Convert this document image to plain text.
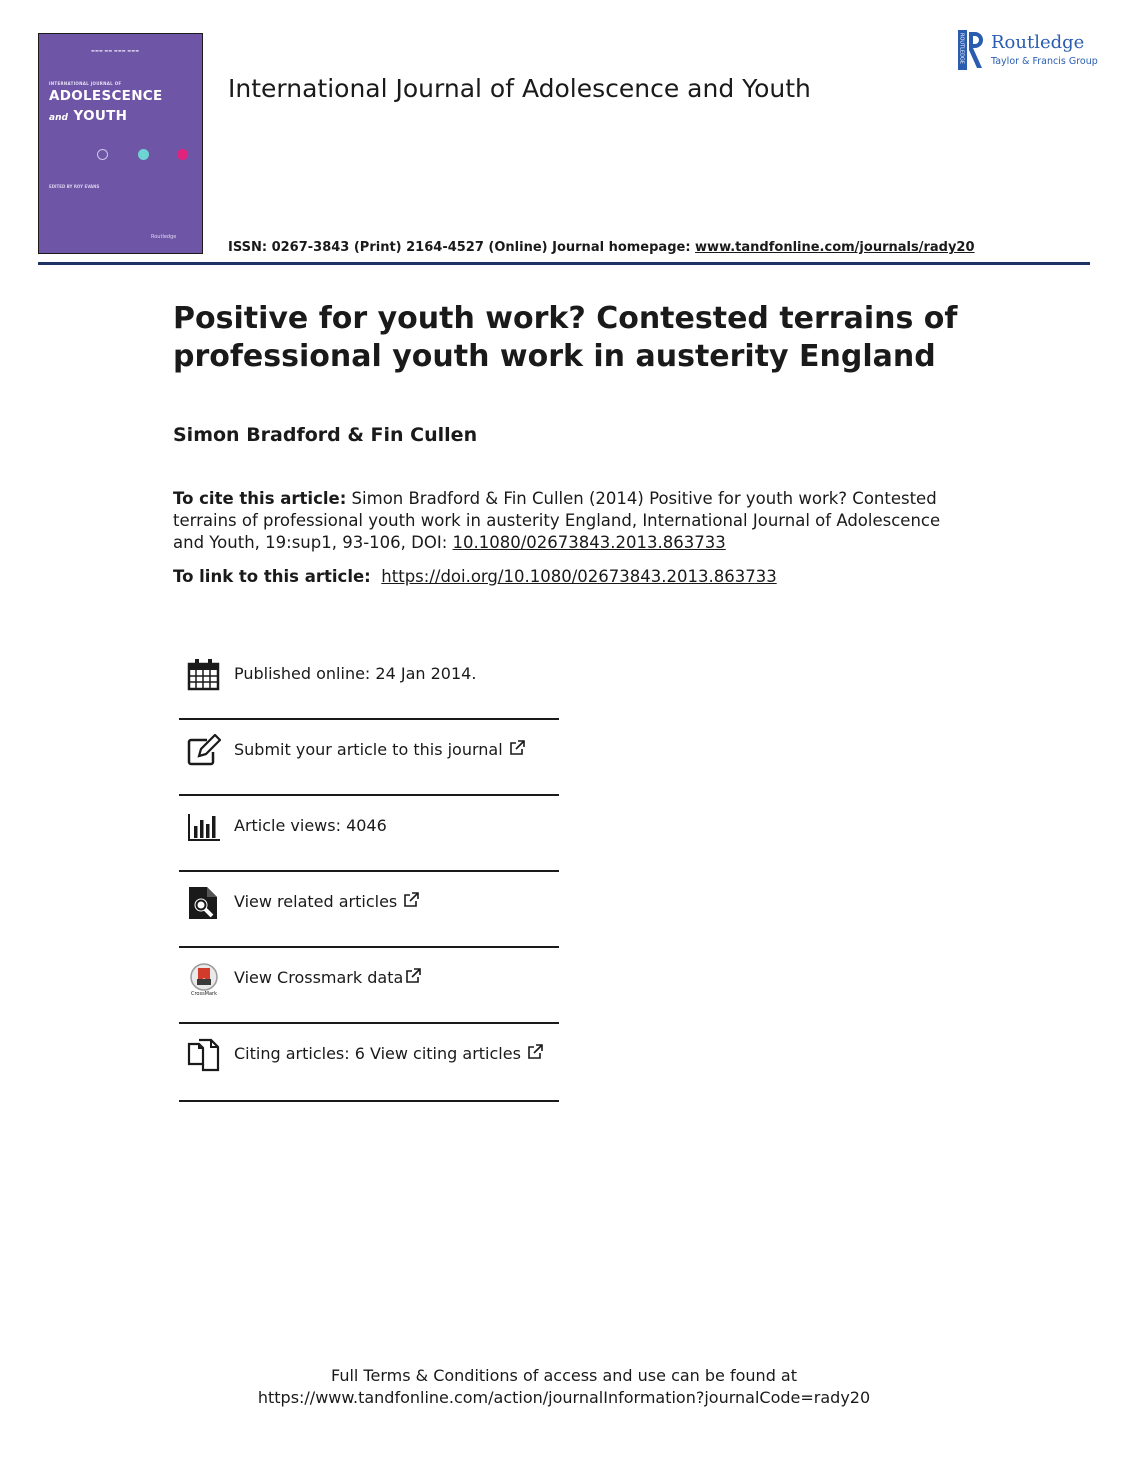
▬▬▬ ▬▬ ▬▬▬ ▬▬▬
INTERNATIONAL JOURNAL OF
ADOLESCENCE
and YOUTH
EDITED BY ROY EVANS
Routledge
International Journal of Adolescence and Youth
ROUTLEDGE Routledge
Taylor & Francis Group
ISSN: 0267-3843 (Print) 2164-4527 (Online) Journal homepage: www.tandfonline.com/journals/rady20
Positive for youth work? Contested terrains of professional youth work in austerity England
Simon Bradford & Fin Cullen
To cite this article: Simon Bradford & Fin Cullen (2014) Positive for youth work? Contested terrains of professional youth work in austerity England, International Journal of Adolescence and Youth, 19:sup1, 93-106, DOI: 10.1080/02673843.2013.863733
To link to this article: https://doi.org/10.1080/02673843.2013.863733
Published online: 24 Jan 2014.
Submit your article to this journal
Article views: 4046
View related articles
CrossMark
View Crossmark data
Citing articles: 6 View citing articles
Full Terms & Conditions of access and use can be found at
https://www.tandfonline.com/action/journalInformation?journalCode=rady20
